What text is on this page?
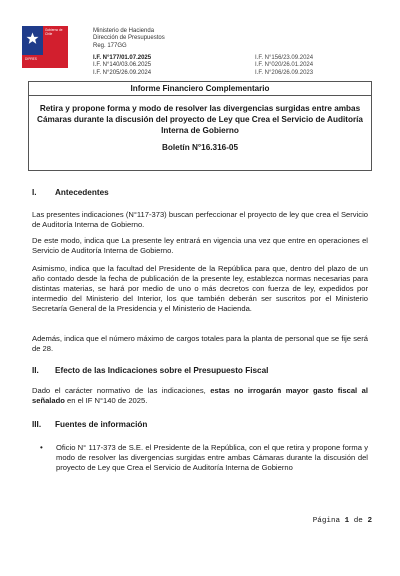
Gobierno de Chile
DIPRES
Ministerio de Hacienda
Dirección de Presupuestos
Reg. 177GG
I.F. N°177/01.07.2025
I.F. N°140/03.06.2025
I.F. N°205/26.09.2024
I.F. N°156/23.09.2024
I.F. N°020/26.01.2024
I.F. N°206/26.09.2023
Informe Financiero Complementario
Retira y propone forma y modo de resolver las divergencias surgidas entre ambas Cámaras durante la discusión del proyecto de Ley que Crea el Servicio de Auditoría Interna de Gobierno
Boletín N°16.316-05
I. Antecedentes
Las presentes indicaciones (N°117-373) buscan perfeccionar el proyecto de ley que crea el Servicio de Auditoría Interna de Gobierno.
De este modo, indica que La presente ley entrará en vigencia una vez que entre en operaciones el Servicio de Auditoría Interna de Gobierno.
Asimismo, indica que la facultad del Presidente de la República para que, dentro del plazo de un año contado desde la fecha de publicación de la presente ley, establezca normas necesarias para distintas materias, se hará por medio de uno o más decretos con fuerza de ley, expedidos por intermedio del Ministerio del Interior, los que también deberán ser suscritos por el Ministerio Secretaría General de la Presidencia y el Ministerio de Hacienda.
Además, indica que el número máximo de cargos totales para la planta de personal que se fije será de 28.
II. Efecto de las Indicaciones sobre el Presupuesto Fiscal
Dado el carácter normativo de las indicaciones, estas no irrogarán mayor gasto fiscal al señalado en el IF N°140 de 2025.
III. Fuentes de información
• Oficio N° 117-373 de S.E. el Presidente de la República, con el que retira y propone forma y modo de resolver las divergencias surgidas entre ambas Cámaras durante la discusión del proyecto de Ley que Crea el Servicio de Auditoría Interna de Gobierno
Página 1 de 2
